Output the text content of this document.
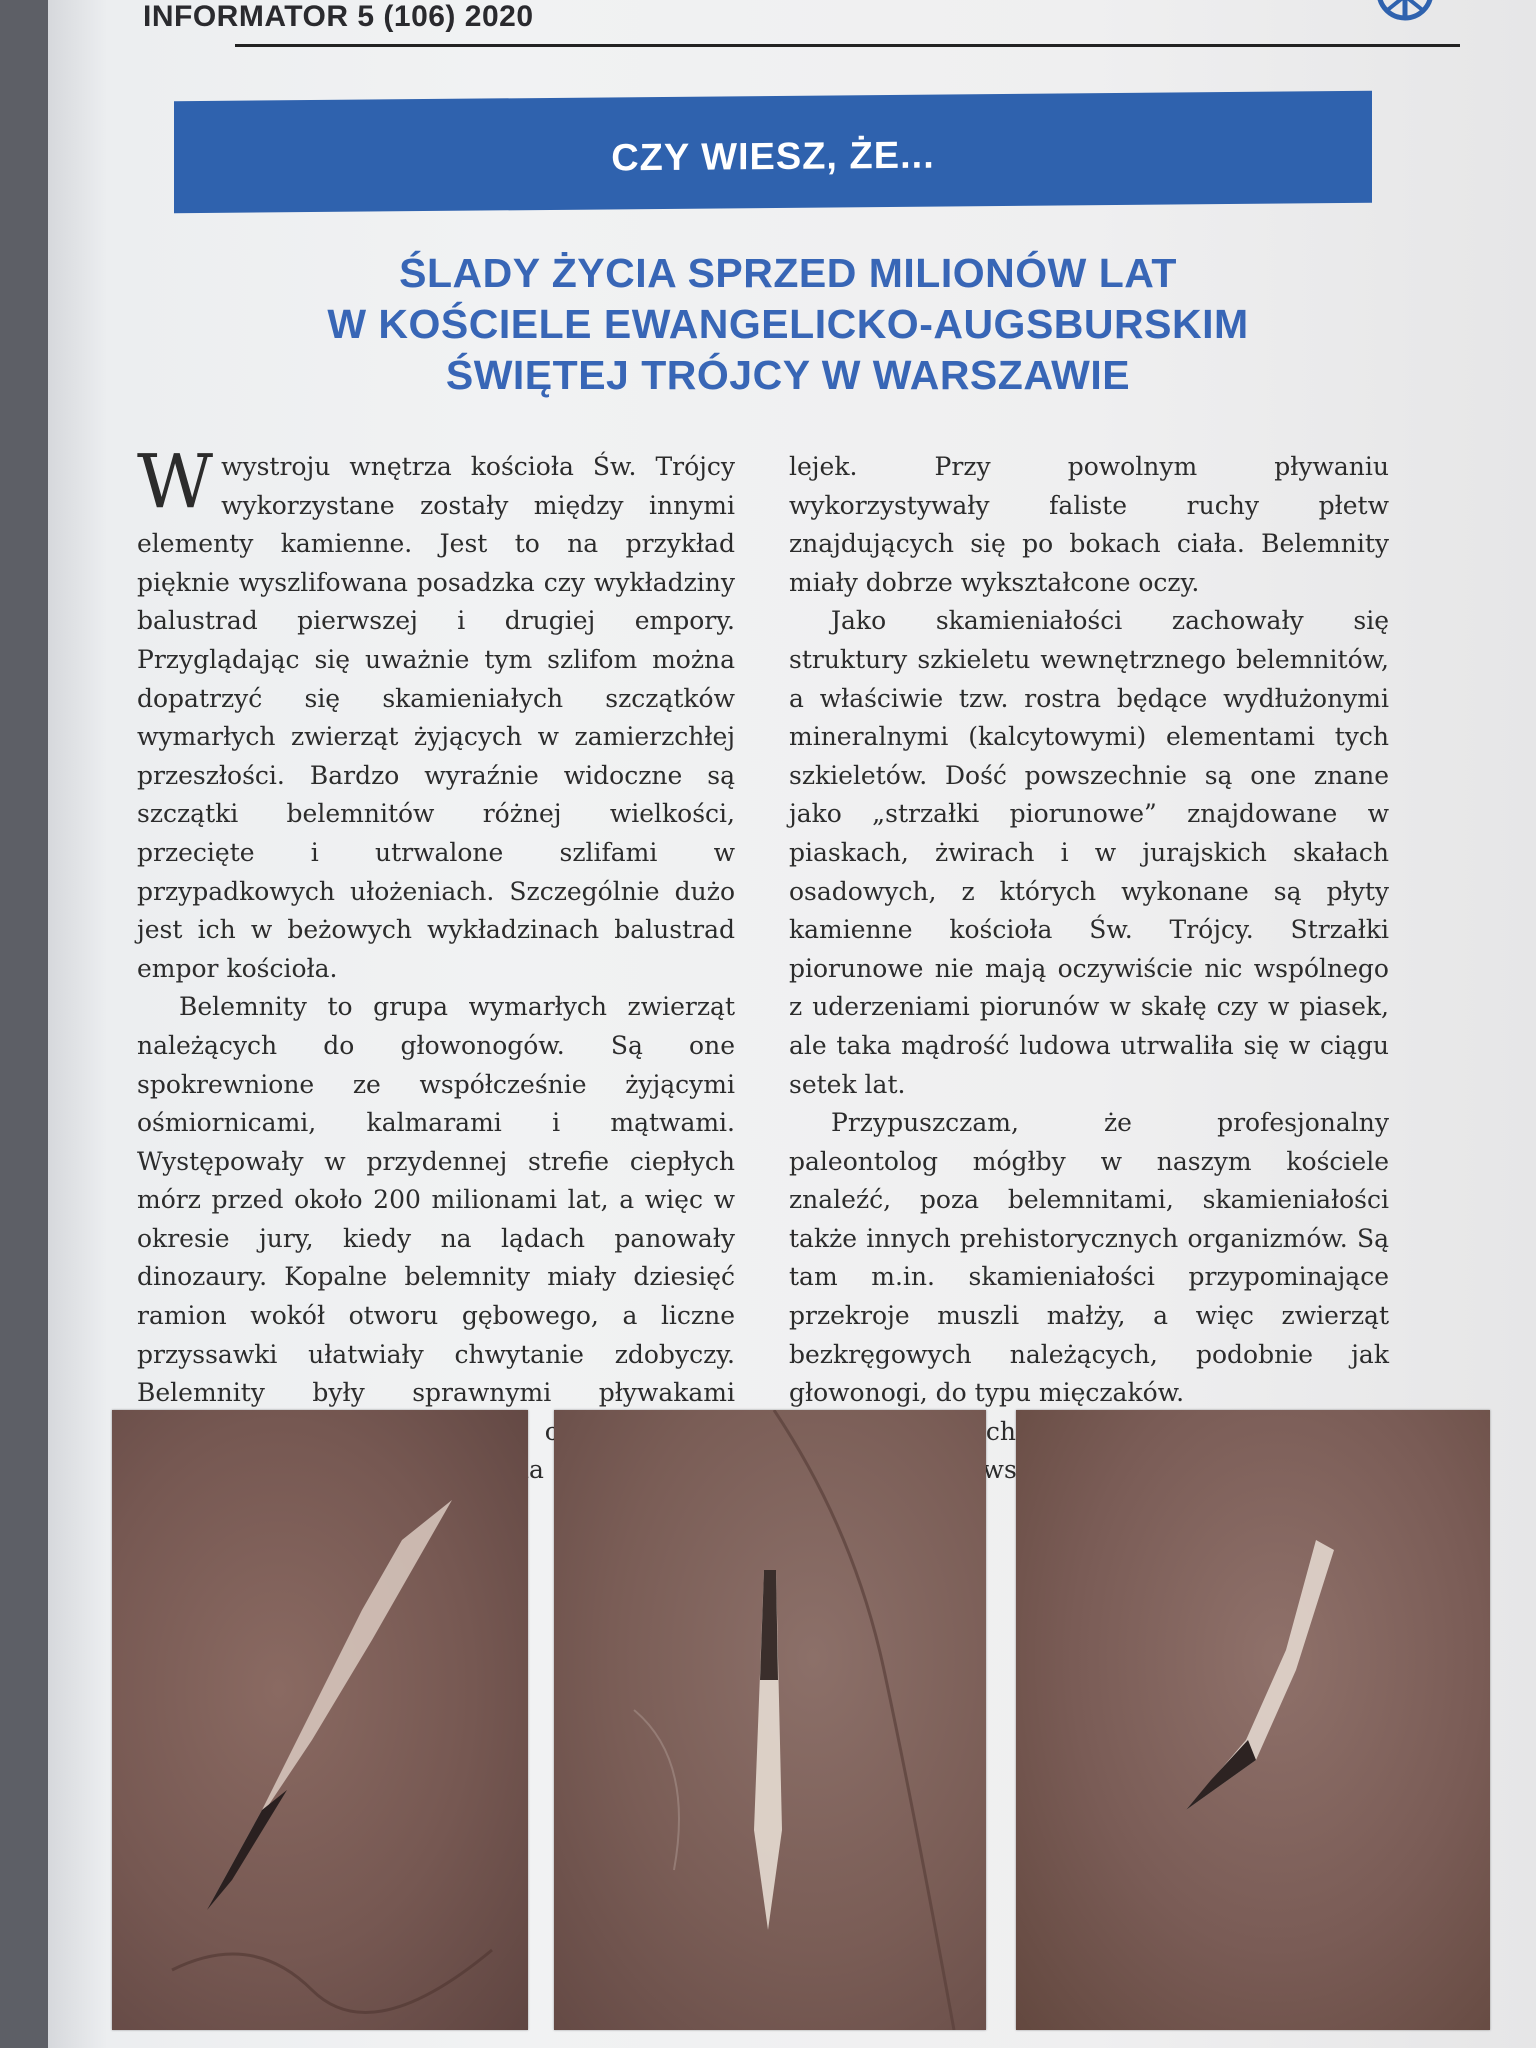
INFORMATOR 5 (106) 2020
CZY WIESZ, ŻE...
ŚLADY ŻYCIA SPRZED MILIONÓW LAT
W KOŚCIELE EWANGELICKO-AUGSBURSKIM
ŚWIĘTEJ TRÓJCY W WARSZAWIE

Wwystroju wnętrza kościoła Św. Trójcy wykorzystane zostały między innymi elementy kamienne. Jest to na przykład pięknie wyszlifowana posadzka czy wykładziny balustrad pierwszej i drugiej empory. Przyglądając się uważnie tym szlifom można dopatrzyć się skamieniałych szczątków wymarłych zwierząt żyjących w zamierzchłej przeszłości. Bardzo wyraźnie widoczne są szczątki belemnitów różnej wielkości, przecięte i utrwalone szlifami w przypadkowych ułożeniach. Szczególnie dużo jest ich w beżowych wykładzinach balustrad empor kościoła.

Belemnity to grupa wymarłych zwierząt należących do głowonogów. Są one spokrewnione ze współcześnie żyjącymi ośmiornicami, kalmarami i mątwami. Występowały w przydennej strefie ciepłych mórz przed około 200 milionami lat, a więc w okresie jury, kiedy na lądach panowały dinozaury. Kopalne belemnity miały dziesięć ramion wokół otworu gębowego, a liczne przyssawki ułatwiały chwytanie zdobyczy. Belemnity były sprawnymi pływakami

lejek. Przy powolnym pływaniu wykorzystywały faliste ruchy płetw znajdujących się po bokach ciała. Belemnity miały dobrze wykształcone oczy.

Jako skamieniałości zachowały się struktury szkieletu wewnętrznego belemnitów, a właściwie tzw. rostra będące wydłużonymi mineralnymi (kalcytowymi) elementami tych szkieletów. Dość powszechnie są one znane jako „strzałki piorunowe” znajdowane w piaskach, żwirach i w jurajskich skałach osadowych, z których wykonane są płyty kamienne kościoła Św. Trójcy. Strzałki piorunowe nie mają oczywiście nic wspólnego z uderzeniami piorunów w skałę czy w piasek, ale taka mądrość ludowa utrwaliła się w ciągu setek lat.

Przypuszczam, że profesjonalny paleontolog mógłby w naszym kościele znaleźć, poza belemnitami, skamieniałości także innych prehistorycznych organizmów. Są tam m.in. skamieniałości przypominające przekroje muszli małży, a więc zwierząt bezkręgowych należących, podobnie jak głowonogi, do typu mięczaków.

pierwszej
